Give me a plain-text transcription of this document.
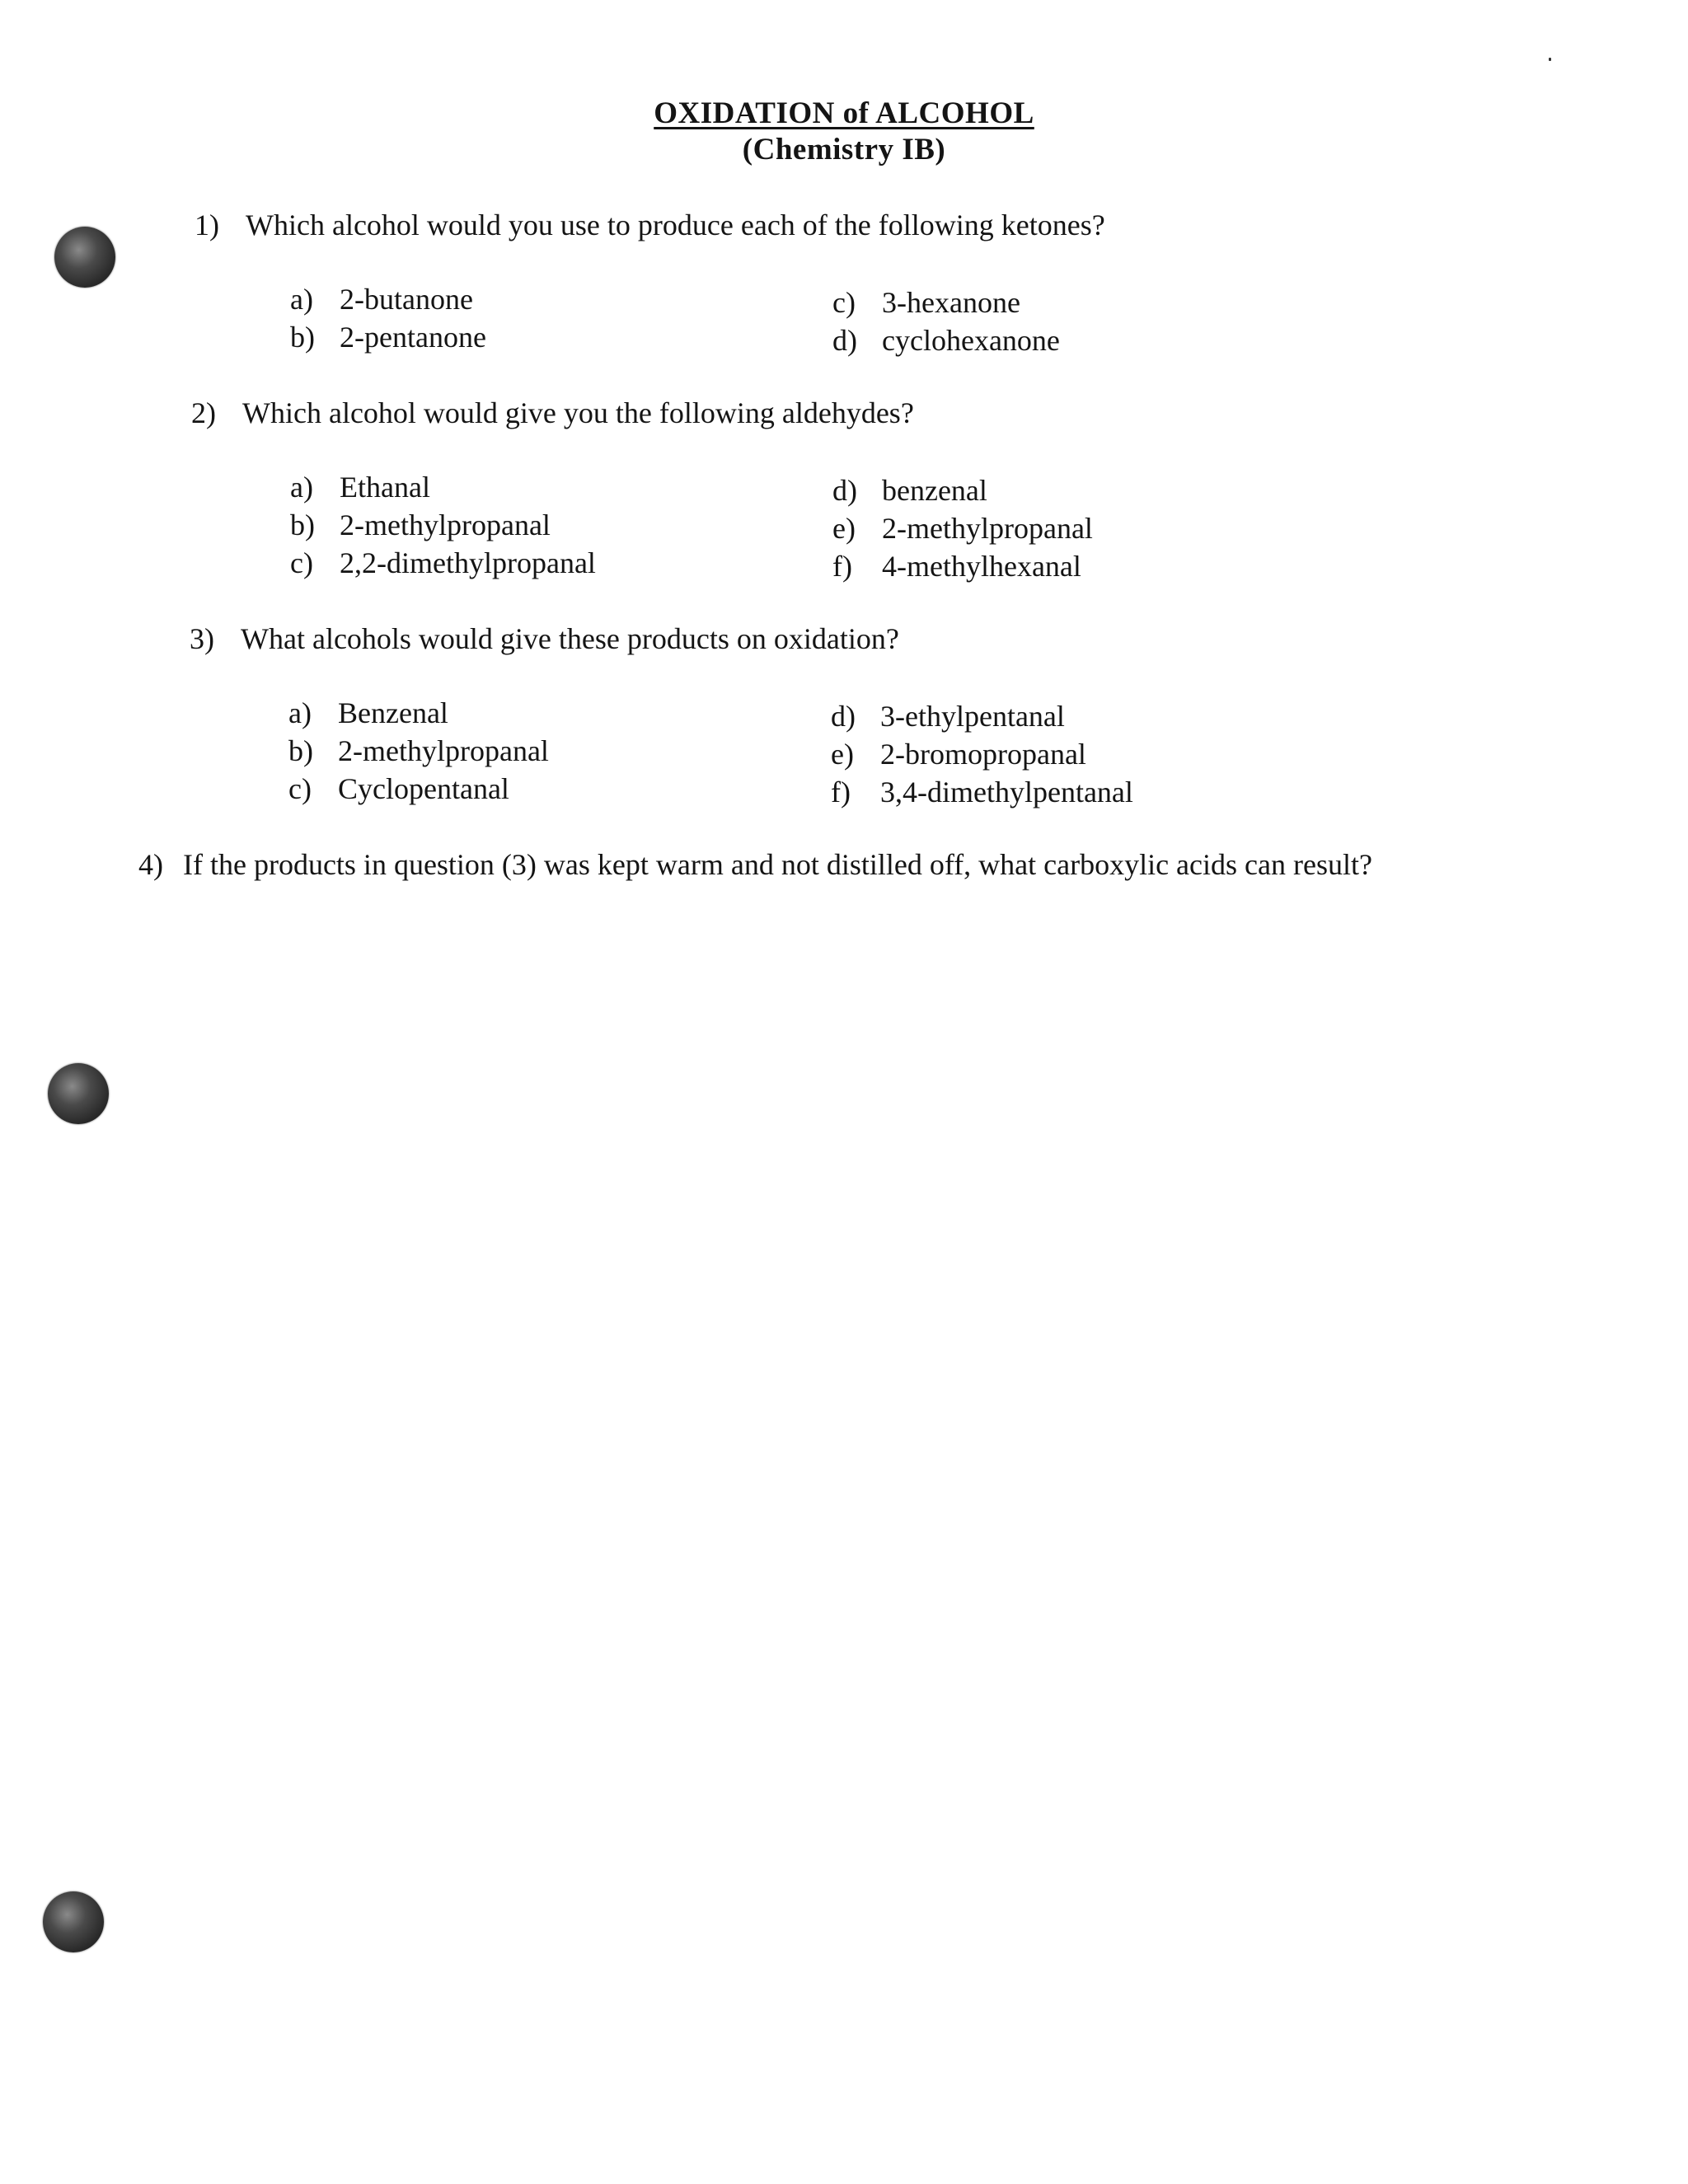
OXIDATION of ALCOHOL
(Chemistry IB)
1) Which alcohol would you use to produce each of the following ketones?
a) 2-butanone
b) 2-pentanone
c) 3-hexanone
d) cyclohexanone
2) Which alcohol would give you the following aldehydes?
a) Ethanal
b) 2-methylpropanal
c) 2,2-dimethylpropanal
d) benzenal
e) 2-methylpropanal
f) 4-methylhexanal
3) What alcohols would give these products on oxidation?
a) Benzenal
b) 2-methylpropanal
c) Cyclopentanal
d) 3-ethylpentanal
e) 2-bromopropanal
f) 3,4-dimethylpentanal
4) If the products in question (3) was kept warm and not distilled off, what carboxylic acids can result?
